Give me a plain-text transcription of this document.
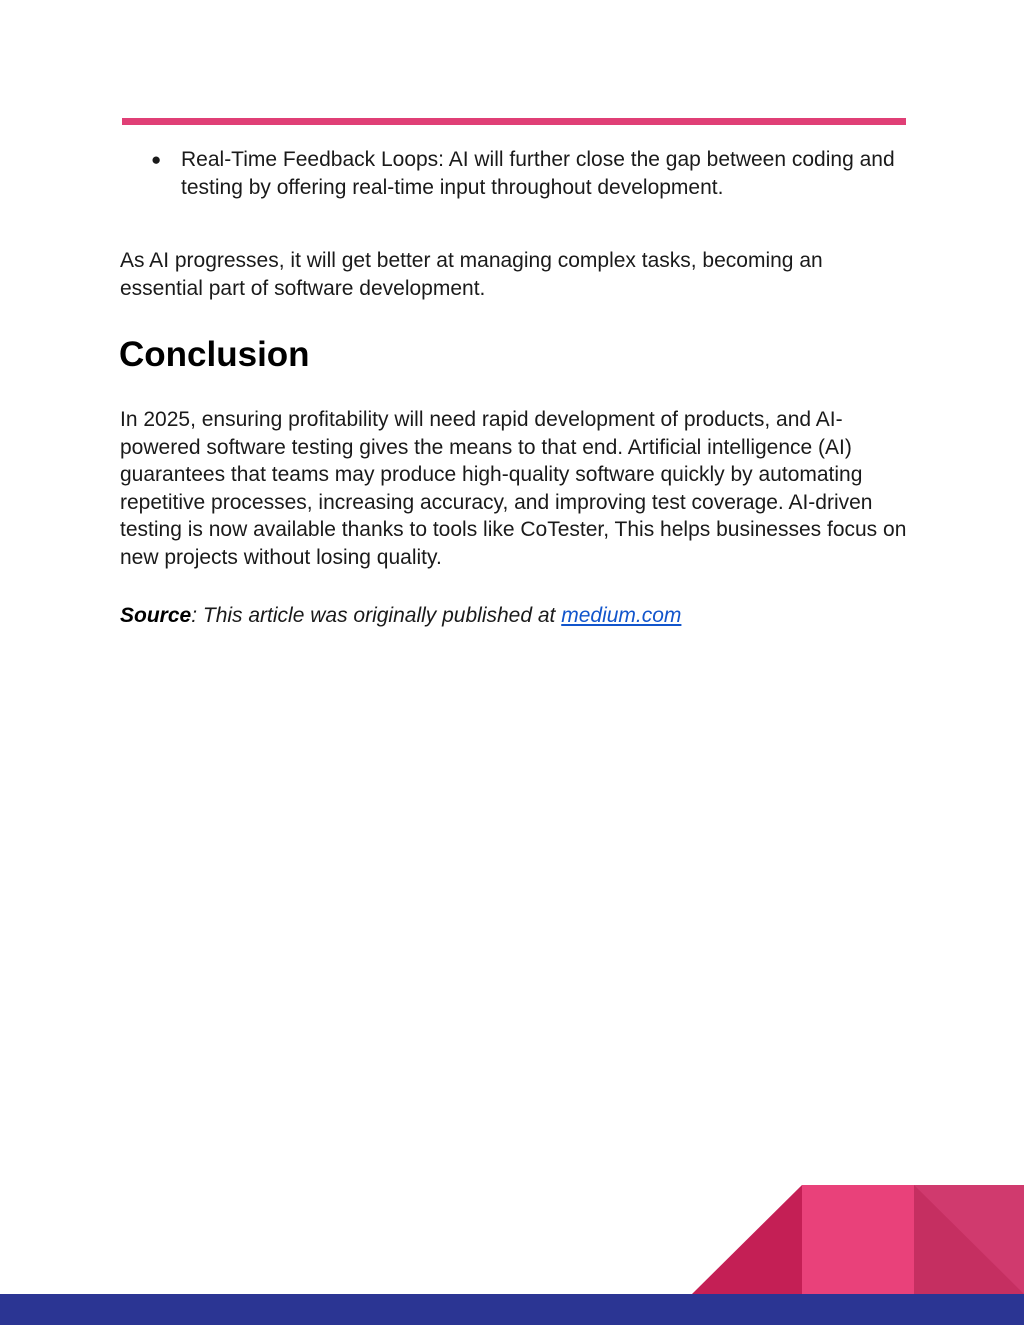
● Real-Time Feedback Loops: AI will further close the gap between coding and testing by offering real-time input throughout development.

As AI progresses, it will get better at managing complex tasks, becoming an essential part of software development.

Conclusion

In 2025, ensuring profitability will need rapid development of products, and AI-powered software testing gives the means to that end. Artificial intelligence (AI) guarantees that teams may produce high-quality software quickly by automating repetitive processes, increasing accuracy, and improving test coverage. AI-driven testing is now available thanks to tools like CoTester, This helps businesses focus on new projects without losing quality.

Source: This article was originally published at medium.com
